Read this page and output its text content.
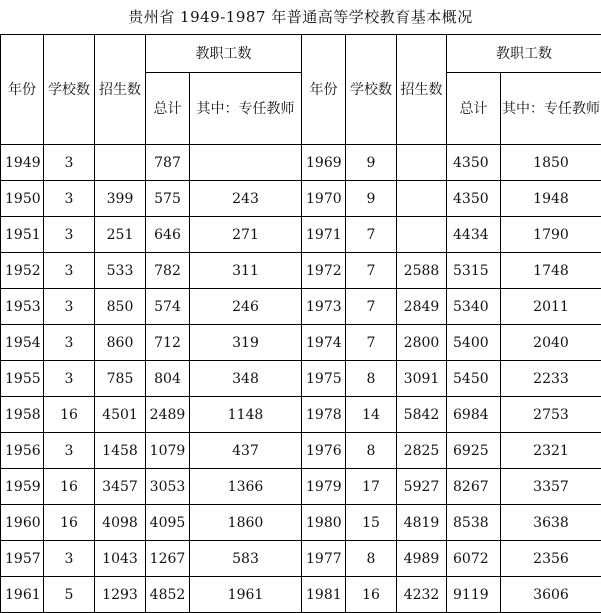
贵州省 1949-1987 年普通高等学校教育基本概况
年份	学校数	招生数	教职工数		年份	学校数	招生数	教职工数	
			总计	其中：专任教师				总计	其中：专任教师
1949	3		787		1969	9		4350	1850
1950	3	399	575	243	1970	9		4350	1948
1951	3	251	646	271	1971	7		4434	1790
1952	3	533	782	311	1972	7	2588	5315	1748
1953	3	850	574	246	1973	7	2849	5340	2011
1954	3	860	712	319	1974	7	2800	5400	2040
1955	3	785	804	348	1975	8	3091	5450	2233
1958	16	4501	2489	1148	1978	14	5842	6984	2753
1956	3	1458	1079	437	1976	8	2825	6925	2321
1959	16	3457	3053	1366	1979	17	5927	8267	3357
1960	16	4098	4095	1860	1980	15	4819	8538	3638
1957	3	1043	1267	583	1977	8	4989	6072	2356
1961	5	1293	4852	1961	1981	16	4232	9119	3606
